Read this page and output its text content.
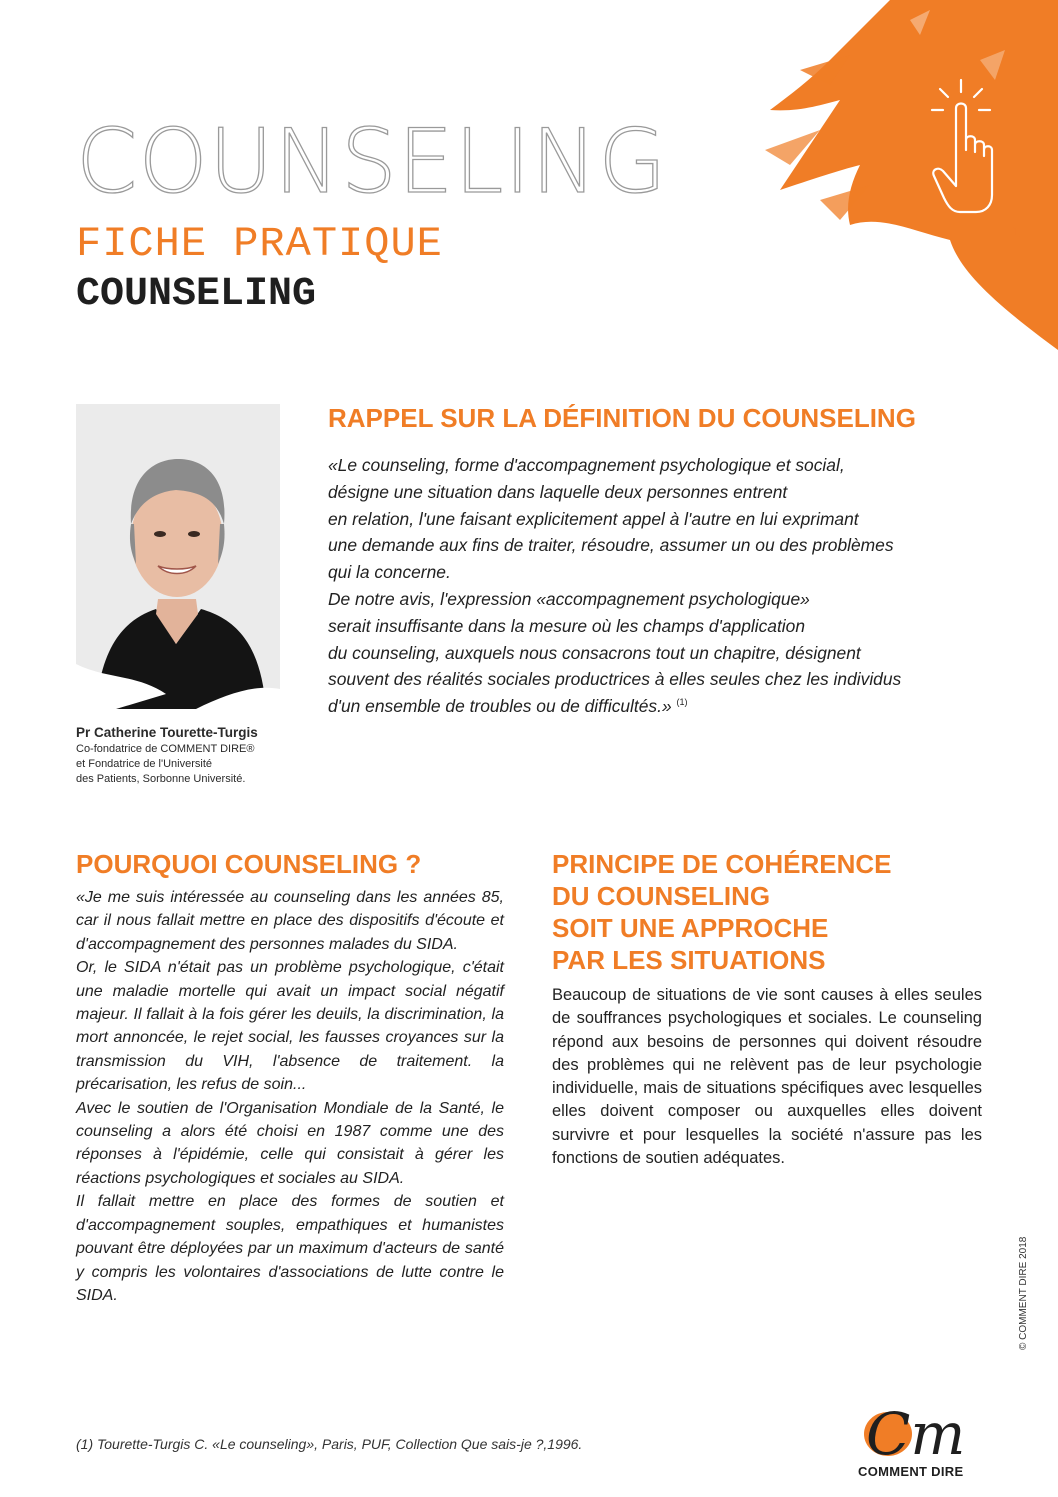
COUNSELING
FICHE PRATIQUE
COUNSELING
1
Pr Catherine Tourette-Turgis
Co-fondatrice de COMMENT DIRE®
et Fondatrice de l'Université
des Patients, Sorbonne Université.
RAPPEL SUR LA DÉFINITION DU COUNSELING
«Le counseling, forme d'accompagnement psychologique et social,
désigne une situation dans laquelle deux personnes entrent
en relation, l'une faisant explicitement appel à l'autre en lui exprimant
une demande aux fins de traiter, résoudre, assumer un ou des problèmes
qui la concerne.
De notre avis, l'expression «accompagnement psychologique»
serait insuffisante dans la mesure où les champs d'application
du counseling, auxquels nous consacrons tout un chapitre, désignent
souvent des réalités sociales productrices à elles seules chez les individus
d'un ensemble de troubles ou de difficultés.» $^{(1)}$
POURQUOI COUNSELING ?
«Je me suis intéressée au counseling dans les années 85, car il nous fallait mettre en place des dispositifs d'écoute et d'accompagnement des personnes malades du SIDA.
Or, le SIDA n'était pas un problème psychologique, c'était une maladie mortelle qui avait un impact social négatif majeur. Il fallait à la fois gérer les deuils, la discrimination, la mort annoncée, le rejet social, les fausses croyances sur la transmission du VIH, l'absence de traitement. la précarisation, les refus de soin...
Avec le soutien de l'Organisation Mondiale de la Santé, le counseling a alors été choisi en 1987 comme une des réponses à l'épidémie, celle qui consistait à gérer les réactions psychologiques et sociales au SIDA.
Il fallait mettre en place des formes de soutien et d'accompagnement souples, empathiques et humanistes pouvant être déployées par un maximum d'acteurs de santé y compris les volontaires d'associations de lutte contre le SIDA.
PRINCIPE DE COHÉRENCE
DU COUNSELING
SOIT UNE APPROCHE
PAR LES SITUATIONS
Beaucoup de situations de vie sont causes à elles seules de souffrances psychologiques et sociales. Le counseling répond aux besoins de personnes qui doivent résoudre des problèmes qui ne relèvent pas de leur psychologie individuelle, mais de situations spécifiques avec lesquelles elles doivent composer ou auxquelles elles doivent survivre et pour lesquelles la société n'assure pas les fonctions de soutien adéquates.
(1) Tourette-Turgis C. «Le counseling», Paris, PUF, Collection Que sais-je ?,1996.
© COMMENT DIRE 2018
Cm
COMMENT DIRE
